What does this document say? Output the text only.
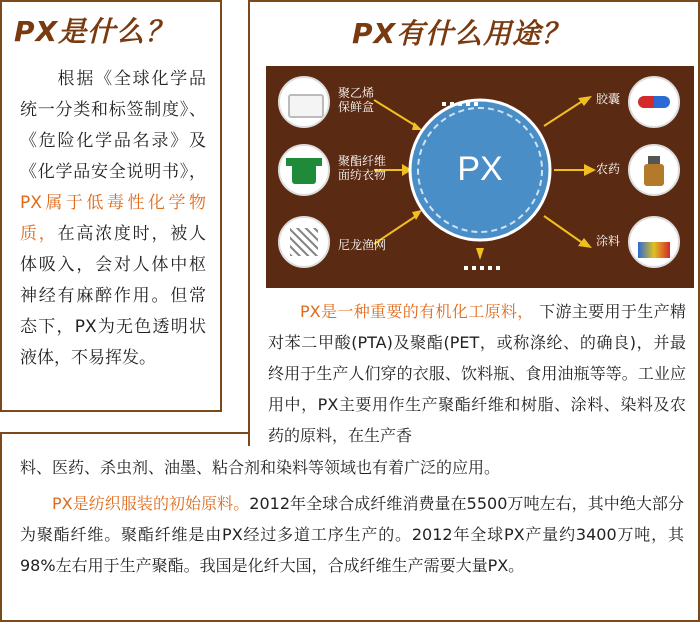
PX是什么？
　　根据《全球化学品统一分类和标签制度》、《危险化学品名录》及《化学品安全说明书》，PX属于低毒性化学物质，在高浓度时，被人体吸入，会对人体中枢神经有麻醉作用。但常态下，PX为无色透明状液体，不易挥发。
PX有什么用途？
PX
聚乙烯
保鲜盒
聚酯纤维
面纺衣物
尼龙渔网
胶囊
农药
涂料
PX是一种重要的有机化工原料， 下游主要用于生产精对苯二甲酸(PTA)及聚酯(PET，或称涤纶、的确良)，并最终用于生产人们穿的衣服、饮料瓶、食用油瓶等等。工业应用中，PX主要用作生产聚酯纤维和树脂、涂料、染料及农药的原料，在生产香
料、医药、杀虫剂、油墨、粘合剂和染料等领域也有着广泛的应用。
PX是纺织服装的初始原料。2012年全球合成纤维消费量在5500万吨左右，其中绝大部分为聚酯纤维。聚酯纤维是由PX经过多道工序生产的。2012年全球PX产量约3400万吨，其98%左右用于生产聚酯。我国是化纤大国，合成纤维生产需要大量PX。
